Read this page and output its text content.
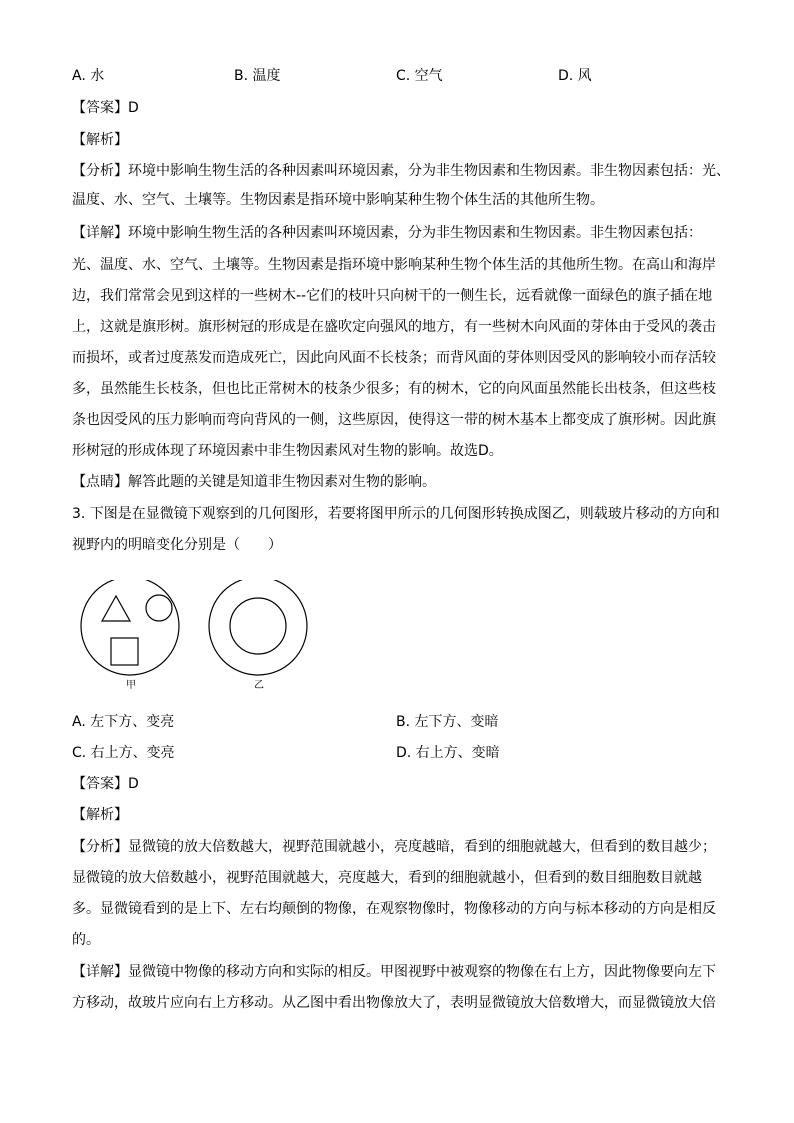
A. 水	B. 温度	C. 空气	D. 风
【答案】D
【解析】
【分析】环境中影响生物生活的各种因素叫环境因素，分为非生物因素和生物因素。非生物因素包括：光、
温度、水、空气、土壤等。生物因素是指环境中影响某种生物个体生活的其他所生物。
【详解】环境中影响生物生活的各种因素叫环境因素，分为非生物因素和生物因素。非生物因素包括：
光、温度、水、空气、土壤等。生物因素是指环境中影响某种生物个体生活的其他所生物。在高山和海岸
边，我们常常会见到这样的一些树木--它们的枝叶只向树干的一侧生长，远看就像一面绿色的旗子插在地
上，这就是旗形树。旗形树冠的形成是在盛吹定向强风的地方，有一些树木向风面的芽体由于受风的袭击
而损坏，或者过度蒸发而造成死亡，因此向风面不长枝条；而背风面的芽体则因受风的影响较小而存活较
多，虽然能生长枝条，但也比正常树木的枝条少很多；有的树木，它的向风面虽然能长出枝条，但这些枝
条也因受风的压力影响而弯向背风的一侧，这些原因，使得这一带的树木基本上都变成了旗形树。因此旗
形树冠的形成体现了环境因素中非生物因素风对生物的影响。故选D。
【点睛】解答此题的关键是知道非生物因素对生物的影响。
3. 下图是在显微镜下观察到的几何图形，若要将图甲所示的几何图形转换成图乙，则载玻片移动的方向和
视野内的明暗变化分别是（　　）
甲	乙
A. 左下方、变亮	B. 左下方、变暗
C. 右上方、变亮	D. 右上方、变暗
【答案】D
【解析】
【分析】显微镜的放大倍数越大，视野范围就越小，亮度越暗，看到的细胞就越大，但看到的数目越少；
显微镜的放大倍数越小，视野范围就越大，亮度越大，看到的细胞就越小，但看到的数目细胞数目就越
多。显微镜看到的是上下、左右均颠倒的物像，在观察物像时，物像移动的方向与标本移动的方向是相反
的。
【详解】显微镜中物像的移动方向和实际的相反。甲图视野中被观察的物像在右上方，因此物像要向左下
方移动，故玻片应向右上方移动。从乙图中看出物像放大了，表明显微镜放大倍数增大，而显微镜放大倍
